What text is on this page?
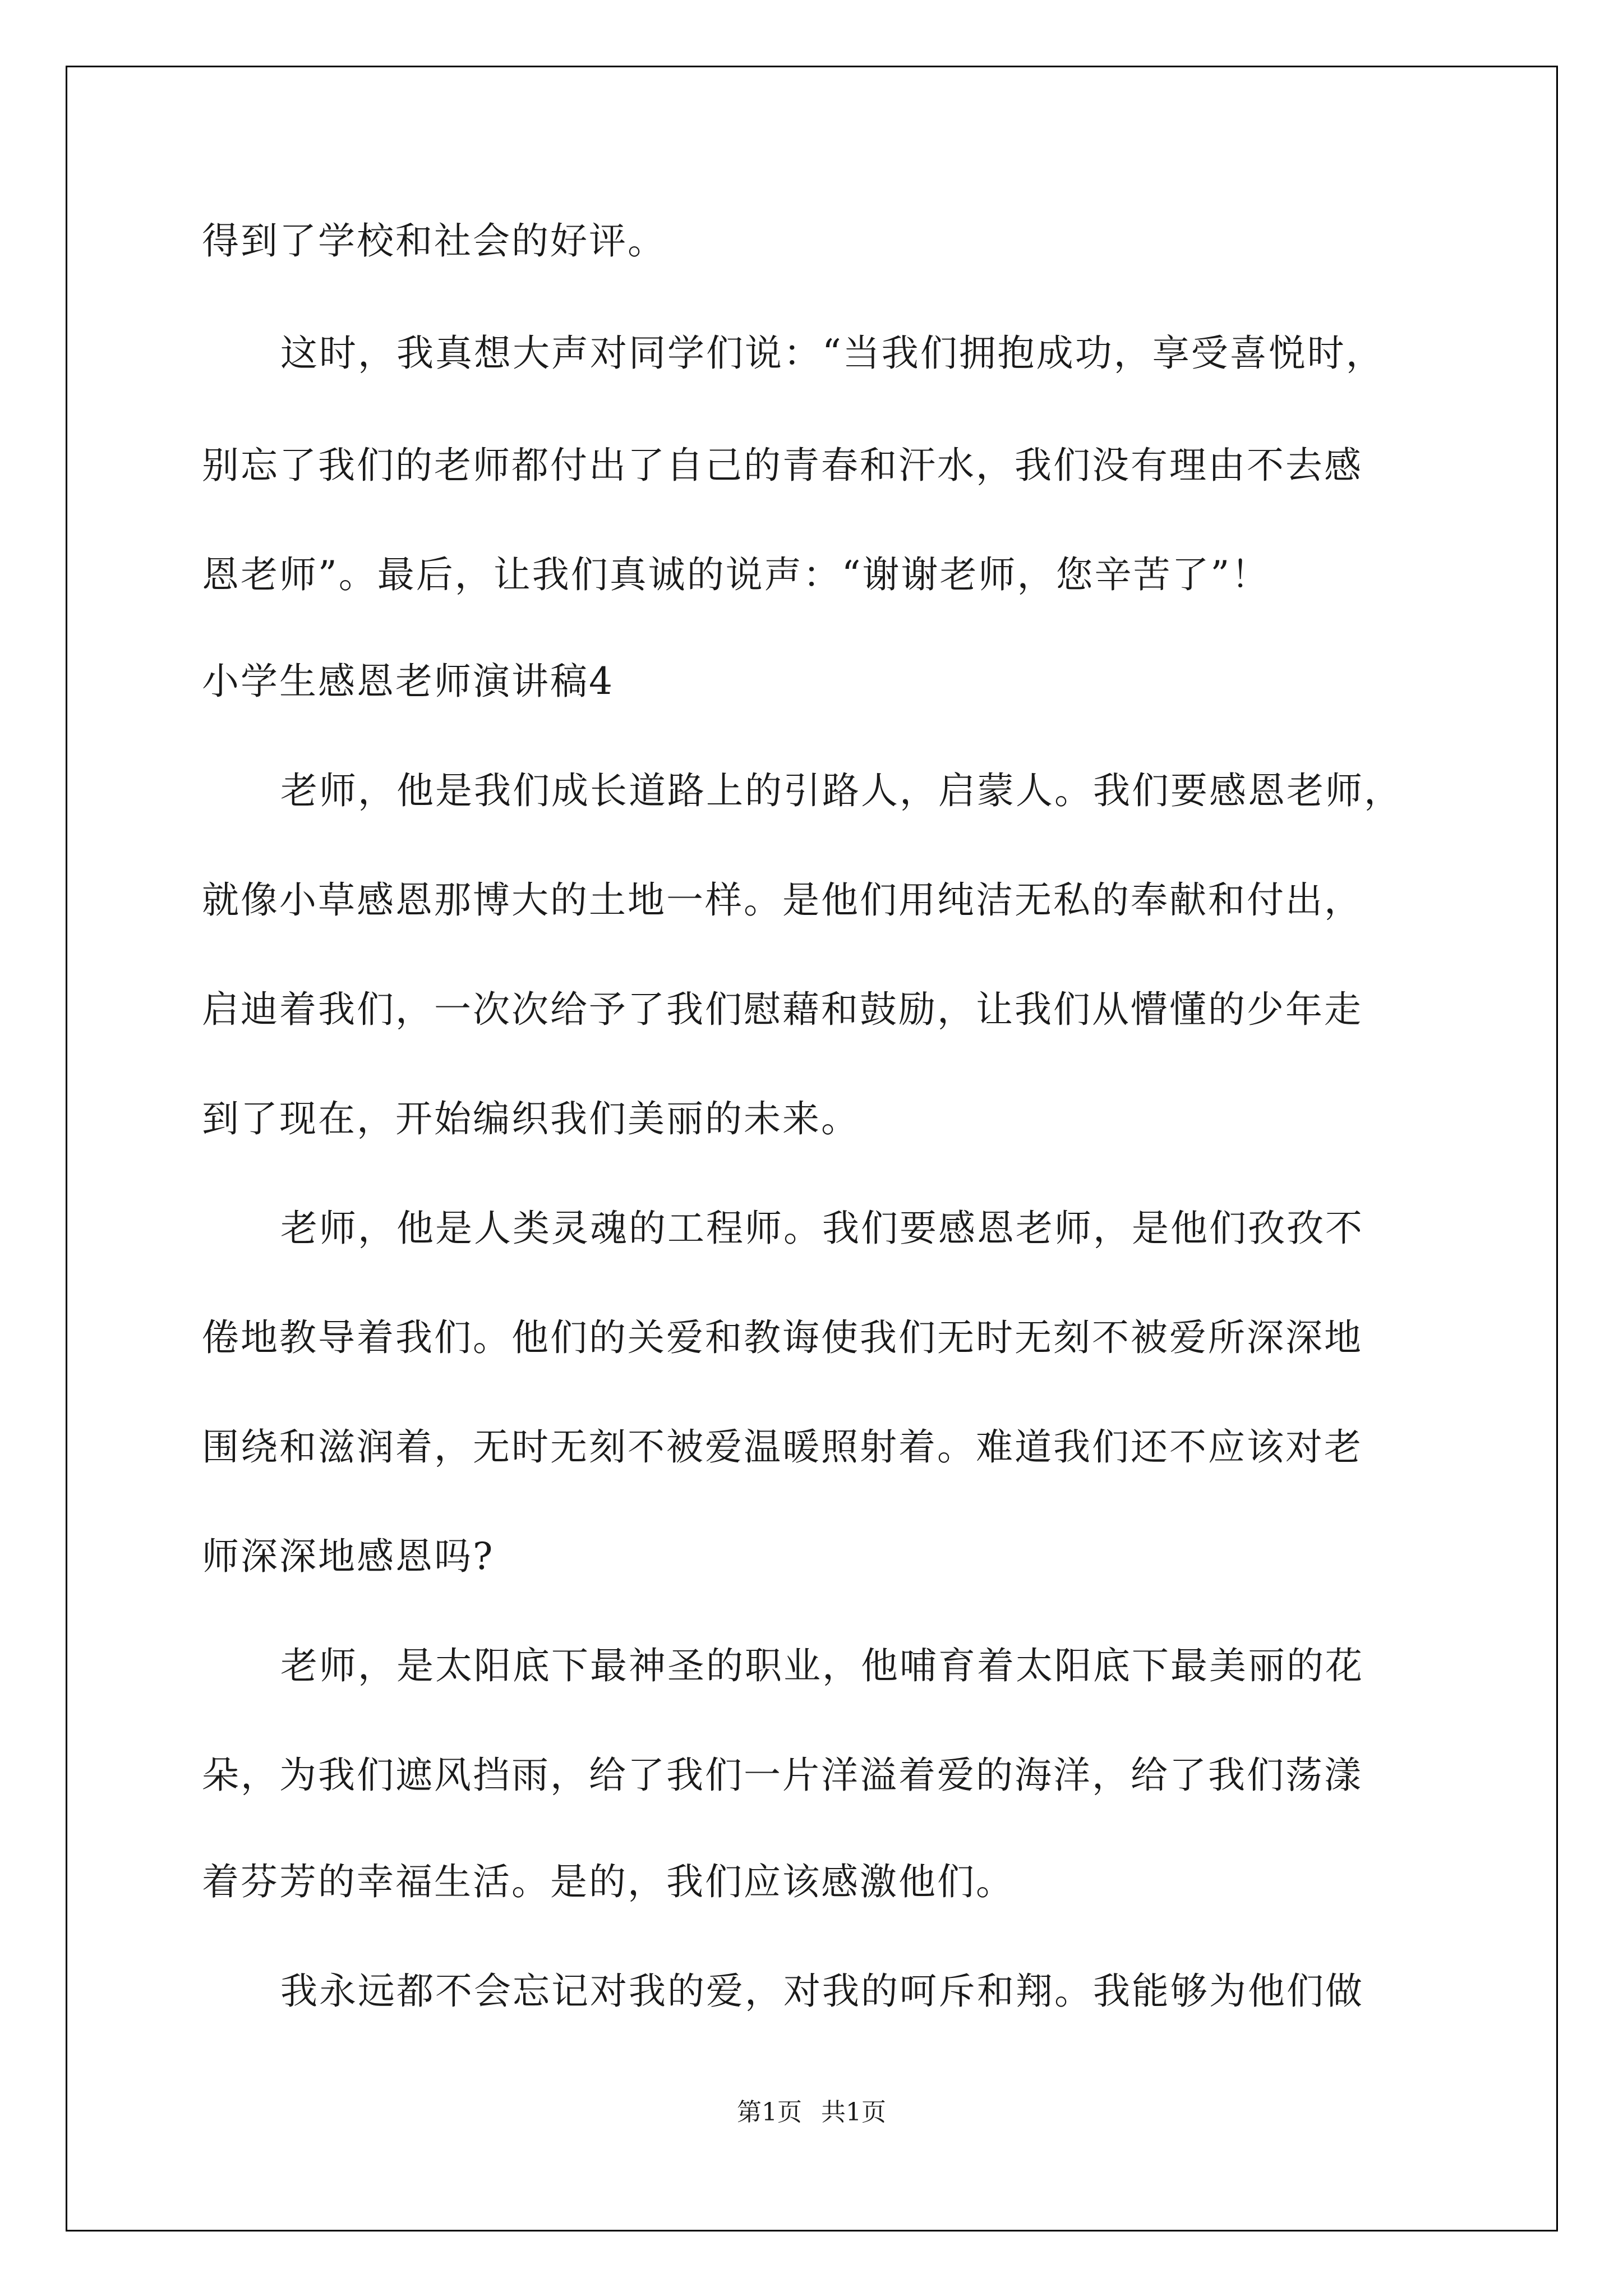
得到了学校和社会的好评。
这时，我真想大声对同学们说：“当我们拥抱成功，享受喜悦时，
别忘了我们的老师都付出了自己的青春和汗水，我们没有理由不去感
恩老师”。最后，让我们真诚的说声：“谢谢老师，您辛苦了”！
小学生感恩老师演讲稿4
老师，他是我们成长道路上的引路人，启蒙人。我们要感恩老师，
就像小草感恩那博大的土地一样。是他们用纯洁无私的奉献和付出，
启迪着我们，一次次给予了我们慰藉和鼓励，让我们从懵懂的少年走
到了现在，开始编织我们美丽的未来。
老师，他是人类灵魂的工程师。我们要感恩老师，是他们孜孜不
倦地教导着我们。他们的关爱和教诲使我们无时无刻不被爱所深深地
围绕和滋润着，无时无刻不被爱温暖照射着。难道我们还不应该对老
师深深地感恩吗?
老师，是太阳底下最神圣的职业，他哺育着太阳底下最美丽的花
朵，为我们遮风挡雨，给了我们一片洋溢着爱的海洋，给了我们荡漾
着芬芳的幸福生活。是的，我们应该感激他们。
我永远都不会忘记对我的爱，对我的呵斥和翔。我能够为他们做
第1页 共1页
